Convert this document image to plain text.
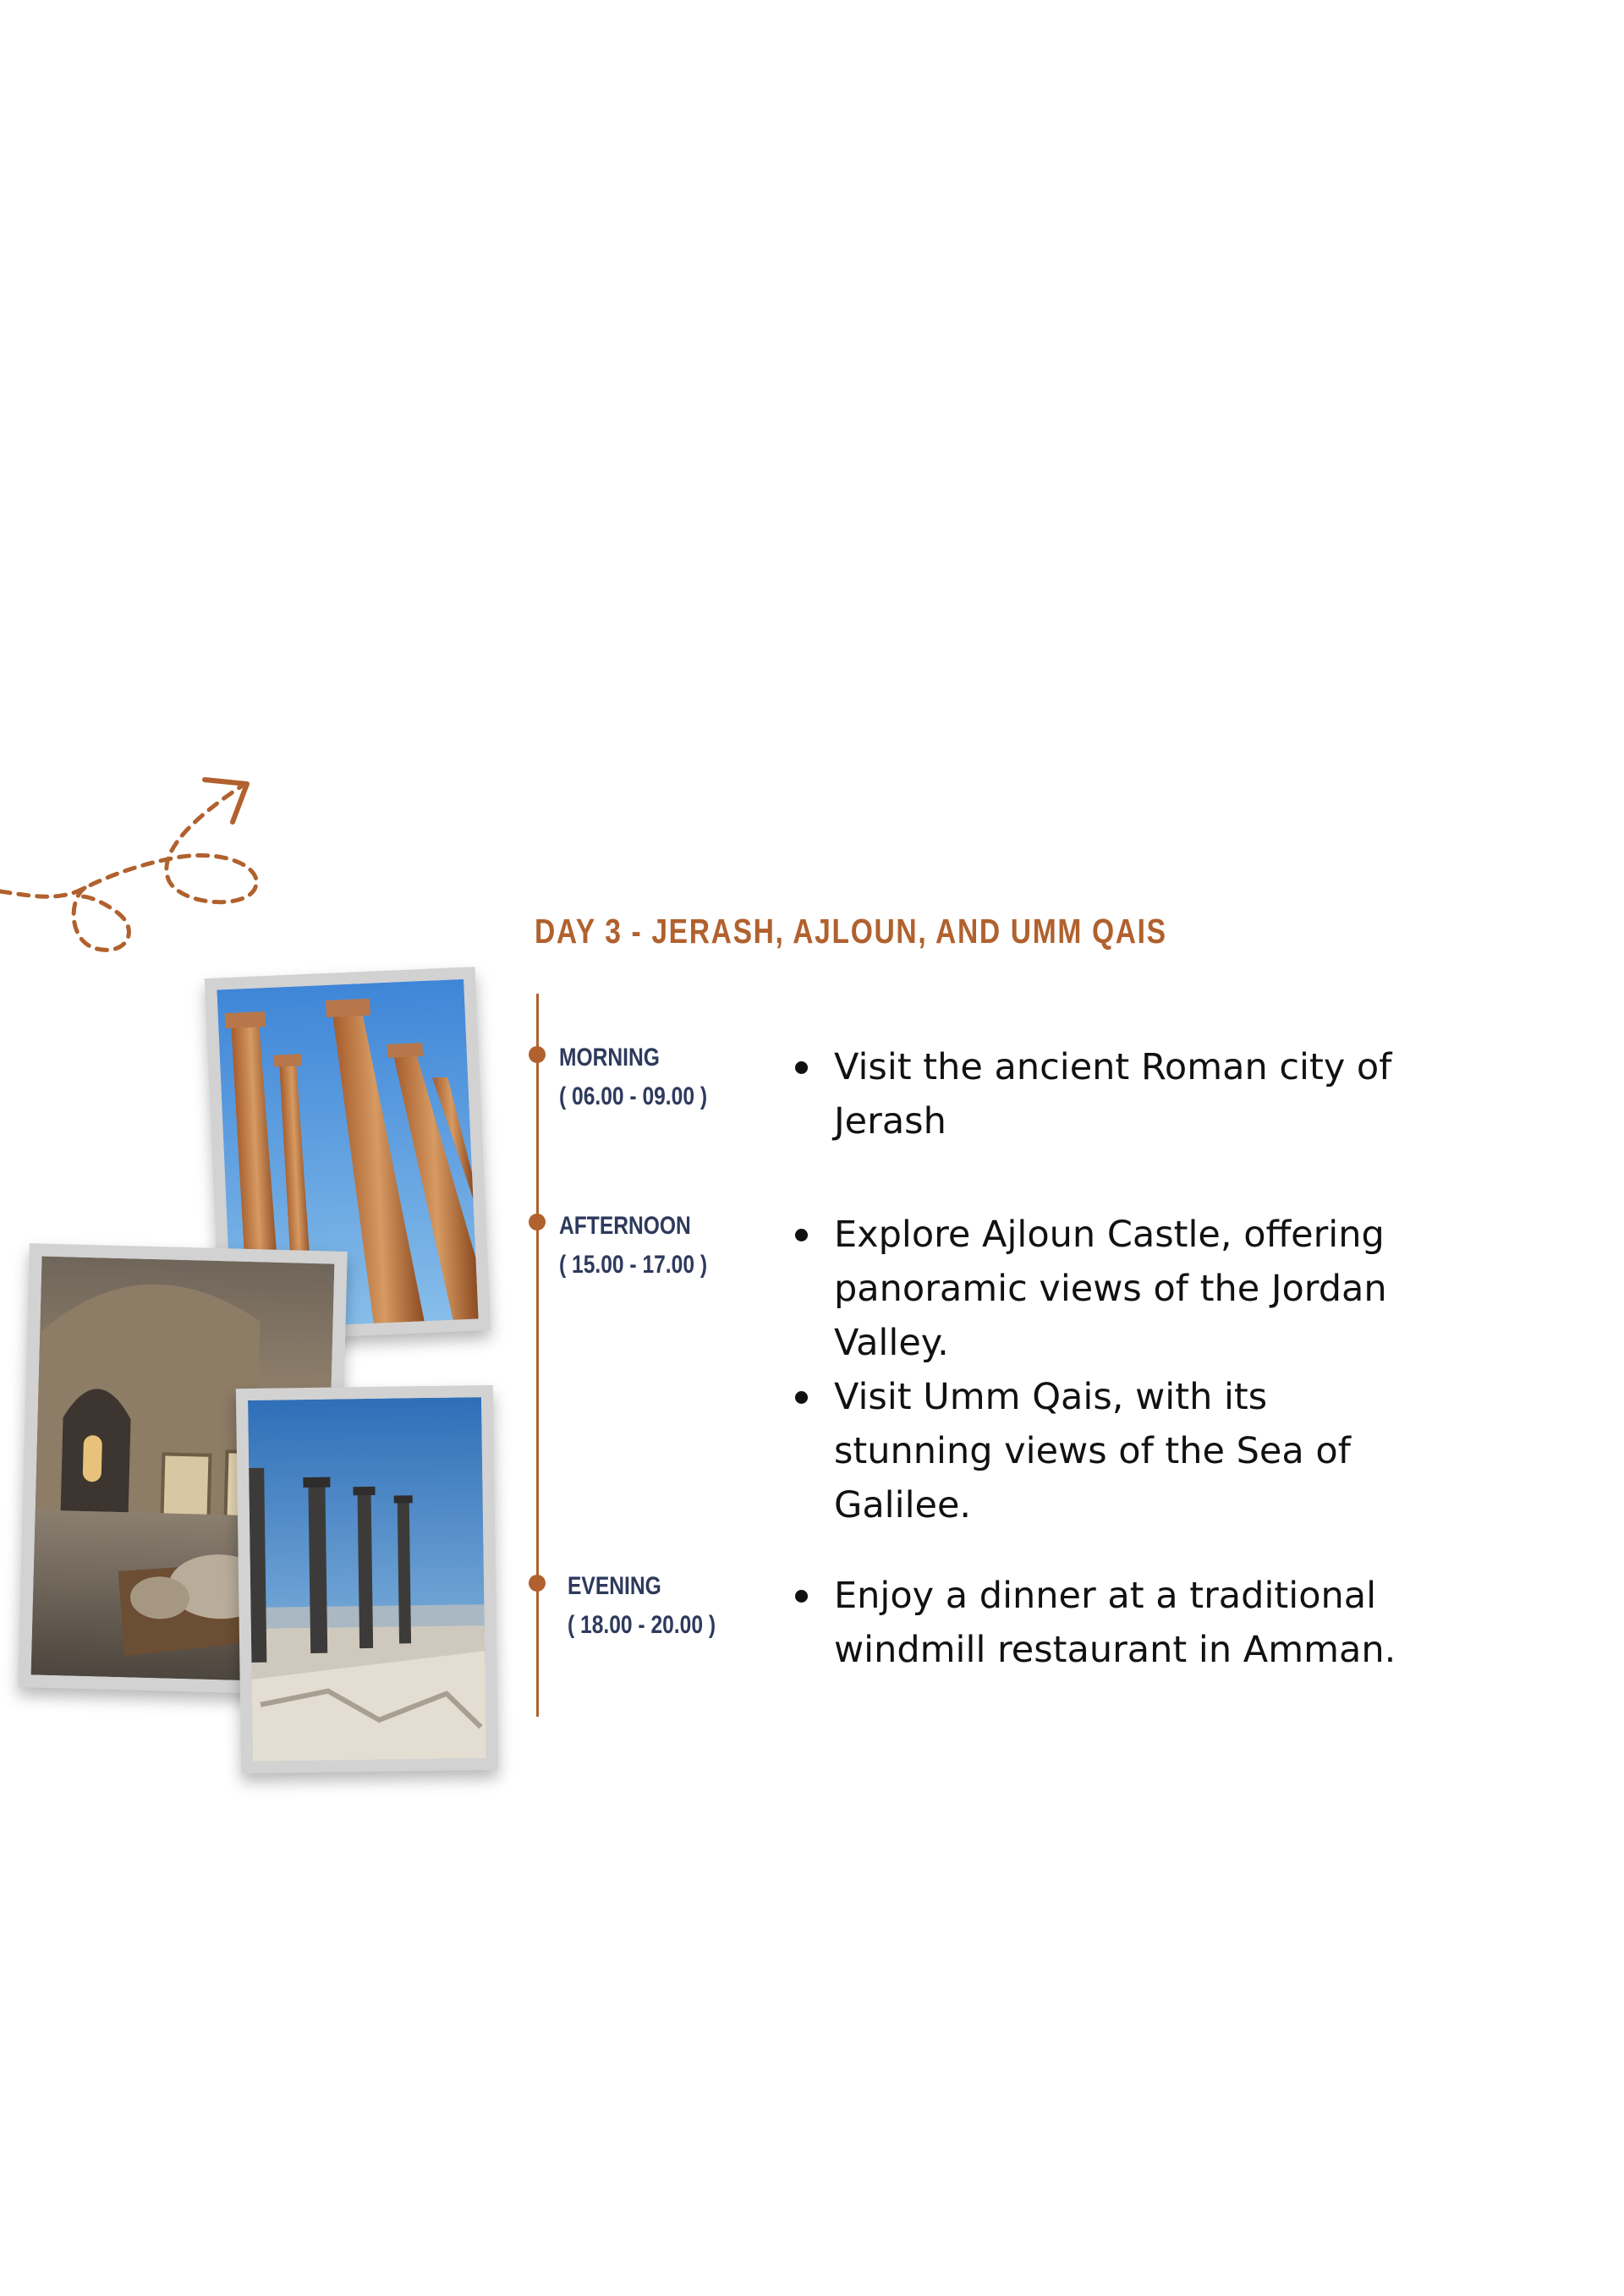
DAY 3 - JERASH, AJLOUN, AND UMM QAIS
MORNING
( 06.00 - 09.00 )
Visit the ancient Roman city of Jerash
AFTERNOON
( 15.00 - 17.00 )
Explore Ajloun Castle, offering panoramic views of the Jordan Valley.
Visit Umm Qais, with its stunning views of the Sea of Galilee.
EVENING
( 18.00 - 20.00 )
Enjoy a dinner at a traditional windmill restaurant in Amman.
